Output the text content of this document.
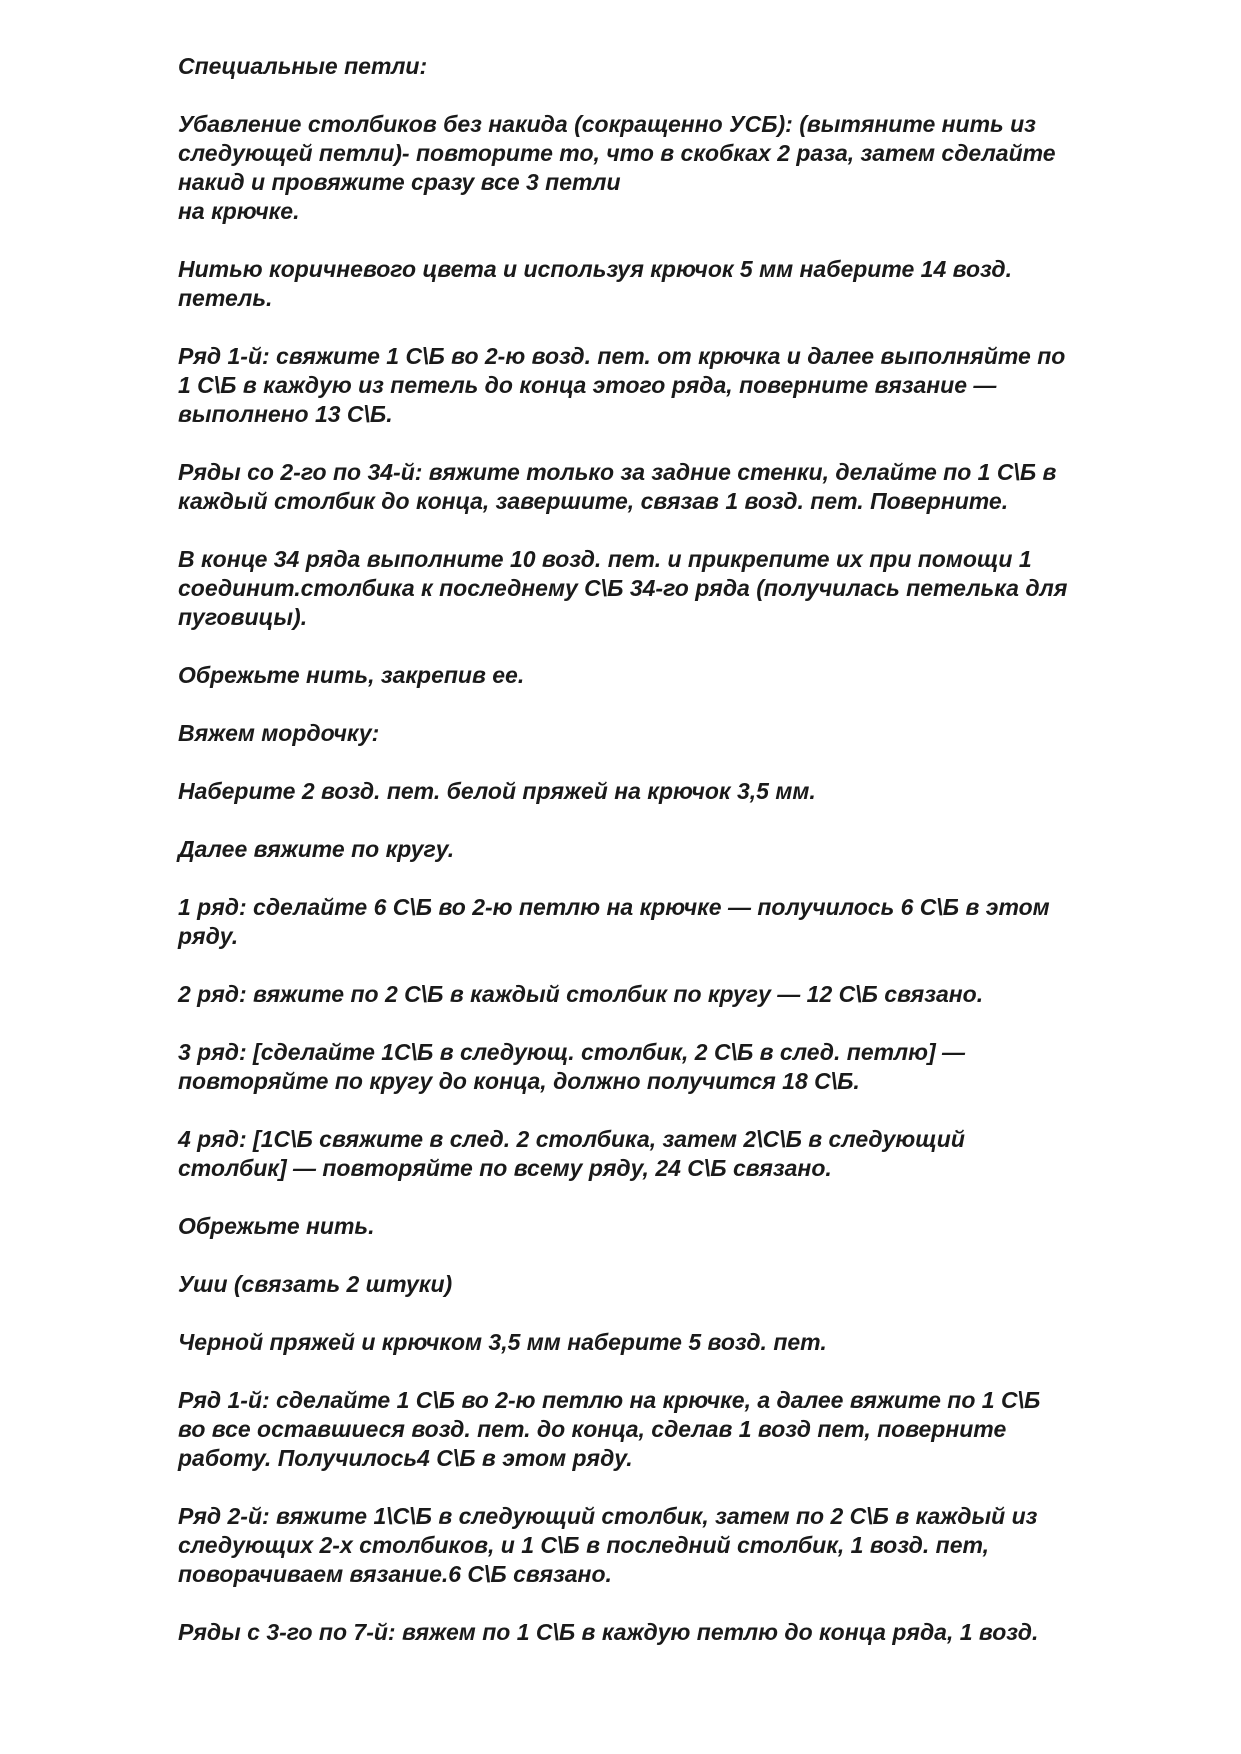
Специальные петли:

Убавление столбиков без накида (сокращенно УСБ): (вытяните нить из
следующей петли)- повторите то, что в скобках 2 раза, затем сделайте
накид и провяжите сразу все 3 петли
на крючке.

Нитью коричневого цвета и используя крючок 5 мм наберите 14 возд.
петель.

Ряд 1-й: свяжите 1 С\Б во 2-ю возд. пет. от крючка и далее выполняйте по
1 С\Б в каждую из петель до конца этого ряда, поверните вязание —
выполнено 13 С\Б.

Ряды со 2-го по 34-й: вяжите только за задние стенки, делайте по 1 С\Б в
каждый столбик до конца, завершите, связав 1 возд. пет. Поверните.

В конце 34 ряда выполните 10 возд. пет. и прикрепите их при помощи 1
соединит.столбика к последнему С\Б 34-го ряда (получилась петелька для
пуговицы).

Обрежьте нить, закрепив ее.

Вяжем мордочку:

Наберите 2 возд. пет. белой пряжей на крючок 3,5 мм.

Далее вяжите по кругу.

1 ряд: сделайте 6 С\Б во 2-ю петлю на крючке — получилось 6 С\Б в этом
ряду.

2 ряд: вяжите по 2 С\Б в каждый столбик по кругу — 12 С\Б связано.

3 ряд: [сделайте 1С\Б в следующ. столбик, 2 С\Б в след. петлю] —
повторяйте по кругу до конца, должно получится 18 С\Б.

4 ряд: [1С\Б свяжите в след. 2 столбика, затем 2\С\Б в следующий
столбик] — повторяйте по всему ряду, 24 С\Б связано.

Обрежьте нить.

Уши (связать 2 штуки)

Черной пряжей и крючком 3,5 мм наберите 5 возд. пет.

Ряд 1-й: сделайте 1 С\Б во 2-ю петлю на крючке, а далее вяжите по 1 С\Б
во все оставшиеся возд. пет. до конца, сделав 1 возд пет, поверните
работу. Получилось4 С\Б в этом ряду.

Ряд 2-й: вяжите 1\С\Б в следующий столбик, затем по 2 С\Б в каждый из
следующих 2-х столбиков, и 1 С\Б в последний столбик, 1 возд. пет,
поворачиваем вязание.6 С\Б связано.

Ряды с 3-го по 7-й: вяжем по 1 С\Б в каждую петлю до конца ряда, 1 возд.
